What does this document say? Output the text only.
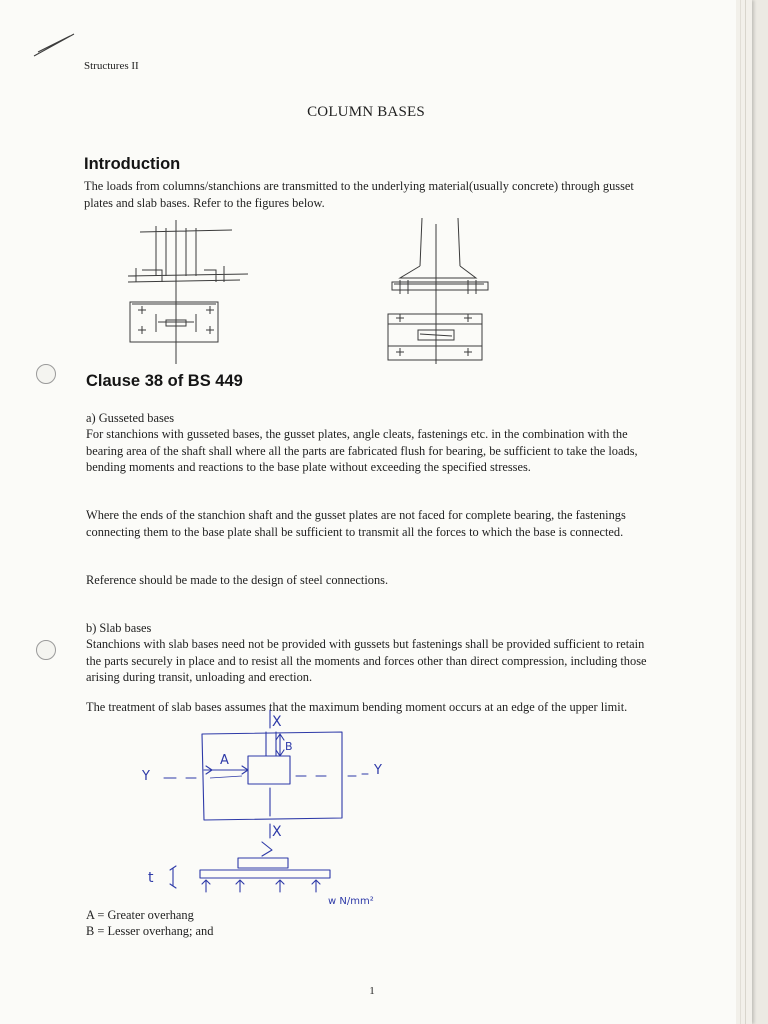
Structures II
COLUMN BASES
Introduction
The loads from columns/stanchions are transmitted to the underlying material(usually concrete) through gusset plates and slab bases. Refer to the figures below.
Clause 38 of BS 449
a) Gusseted bases
For stanchions with gusseted bases, the gusset plates, angle cleats, fastenings etc. in the combination with the bearing area of the shaft shall where all the parts are fabricated flush for bearing, be sufficient to take the loads, bending moments and reactions to the base plate without exceeding the specified stresses.
Where the ends of the stanchion shaft and the gusset plates are not faced for complete bearing, the fastenings connecting them to the base plate shall be sufficient to transmit all the forces to which the base is connected.
Reference should be made to the design of steel connections.
b) Slab bases
Stanchions with slab bases need not be provided with gussets but fastenings shall be provided sufficient to retain the parts securely in place and to resist all the moments and forces other than direct compression, including those arising during transit, unloading and erection.
The treatment of slab bases assumes that the maximum bending moment occurs at an edge of the upper limit.
X
X
Y	Y
A
B
t
w N/mm²
A = Greater overhang
B = Lesser overhang; and
1
